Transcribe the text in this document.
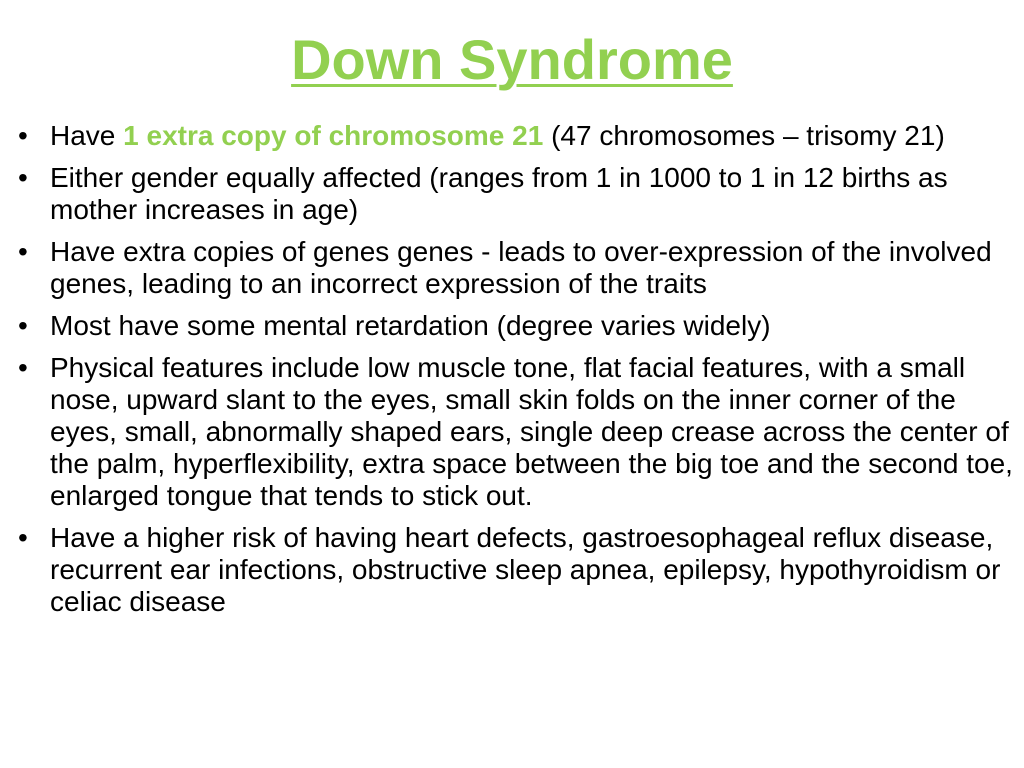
Down Syndrome
• Have 1 extra copy of chromosome 21 (47 chromosomes – trisomy 21)
• Either gender equally affected (ranges from 1 in 1000 to 1 in 12 births as mother increases in age)
• Have extra copies of genes genes - leads to over-expression of the involved genes, leading to an incorrect expression of the traits
• Most have some mental retardation (degree varies widely)
• Physical features include low muscle tone, flat facial features, with a small nose, upward slant to the eyes, small skin folds on the inner corner of the eyes, small, abnormally shaped ears, single deep crease across the center of the palm, hyperflexibility, extra space between the big toe and the second toe, enlarged tongue that tends to stick out.
• Have a higher risk of having heart defects, gastroesophageal reflux disease, recurrent ear infections, obstructive sleep apnea, epilepsy, hypothyroidism or celiac disease
